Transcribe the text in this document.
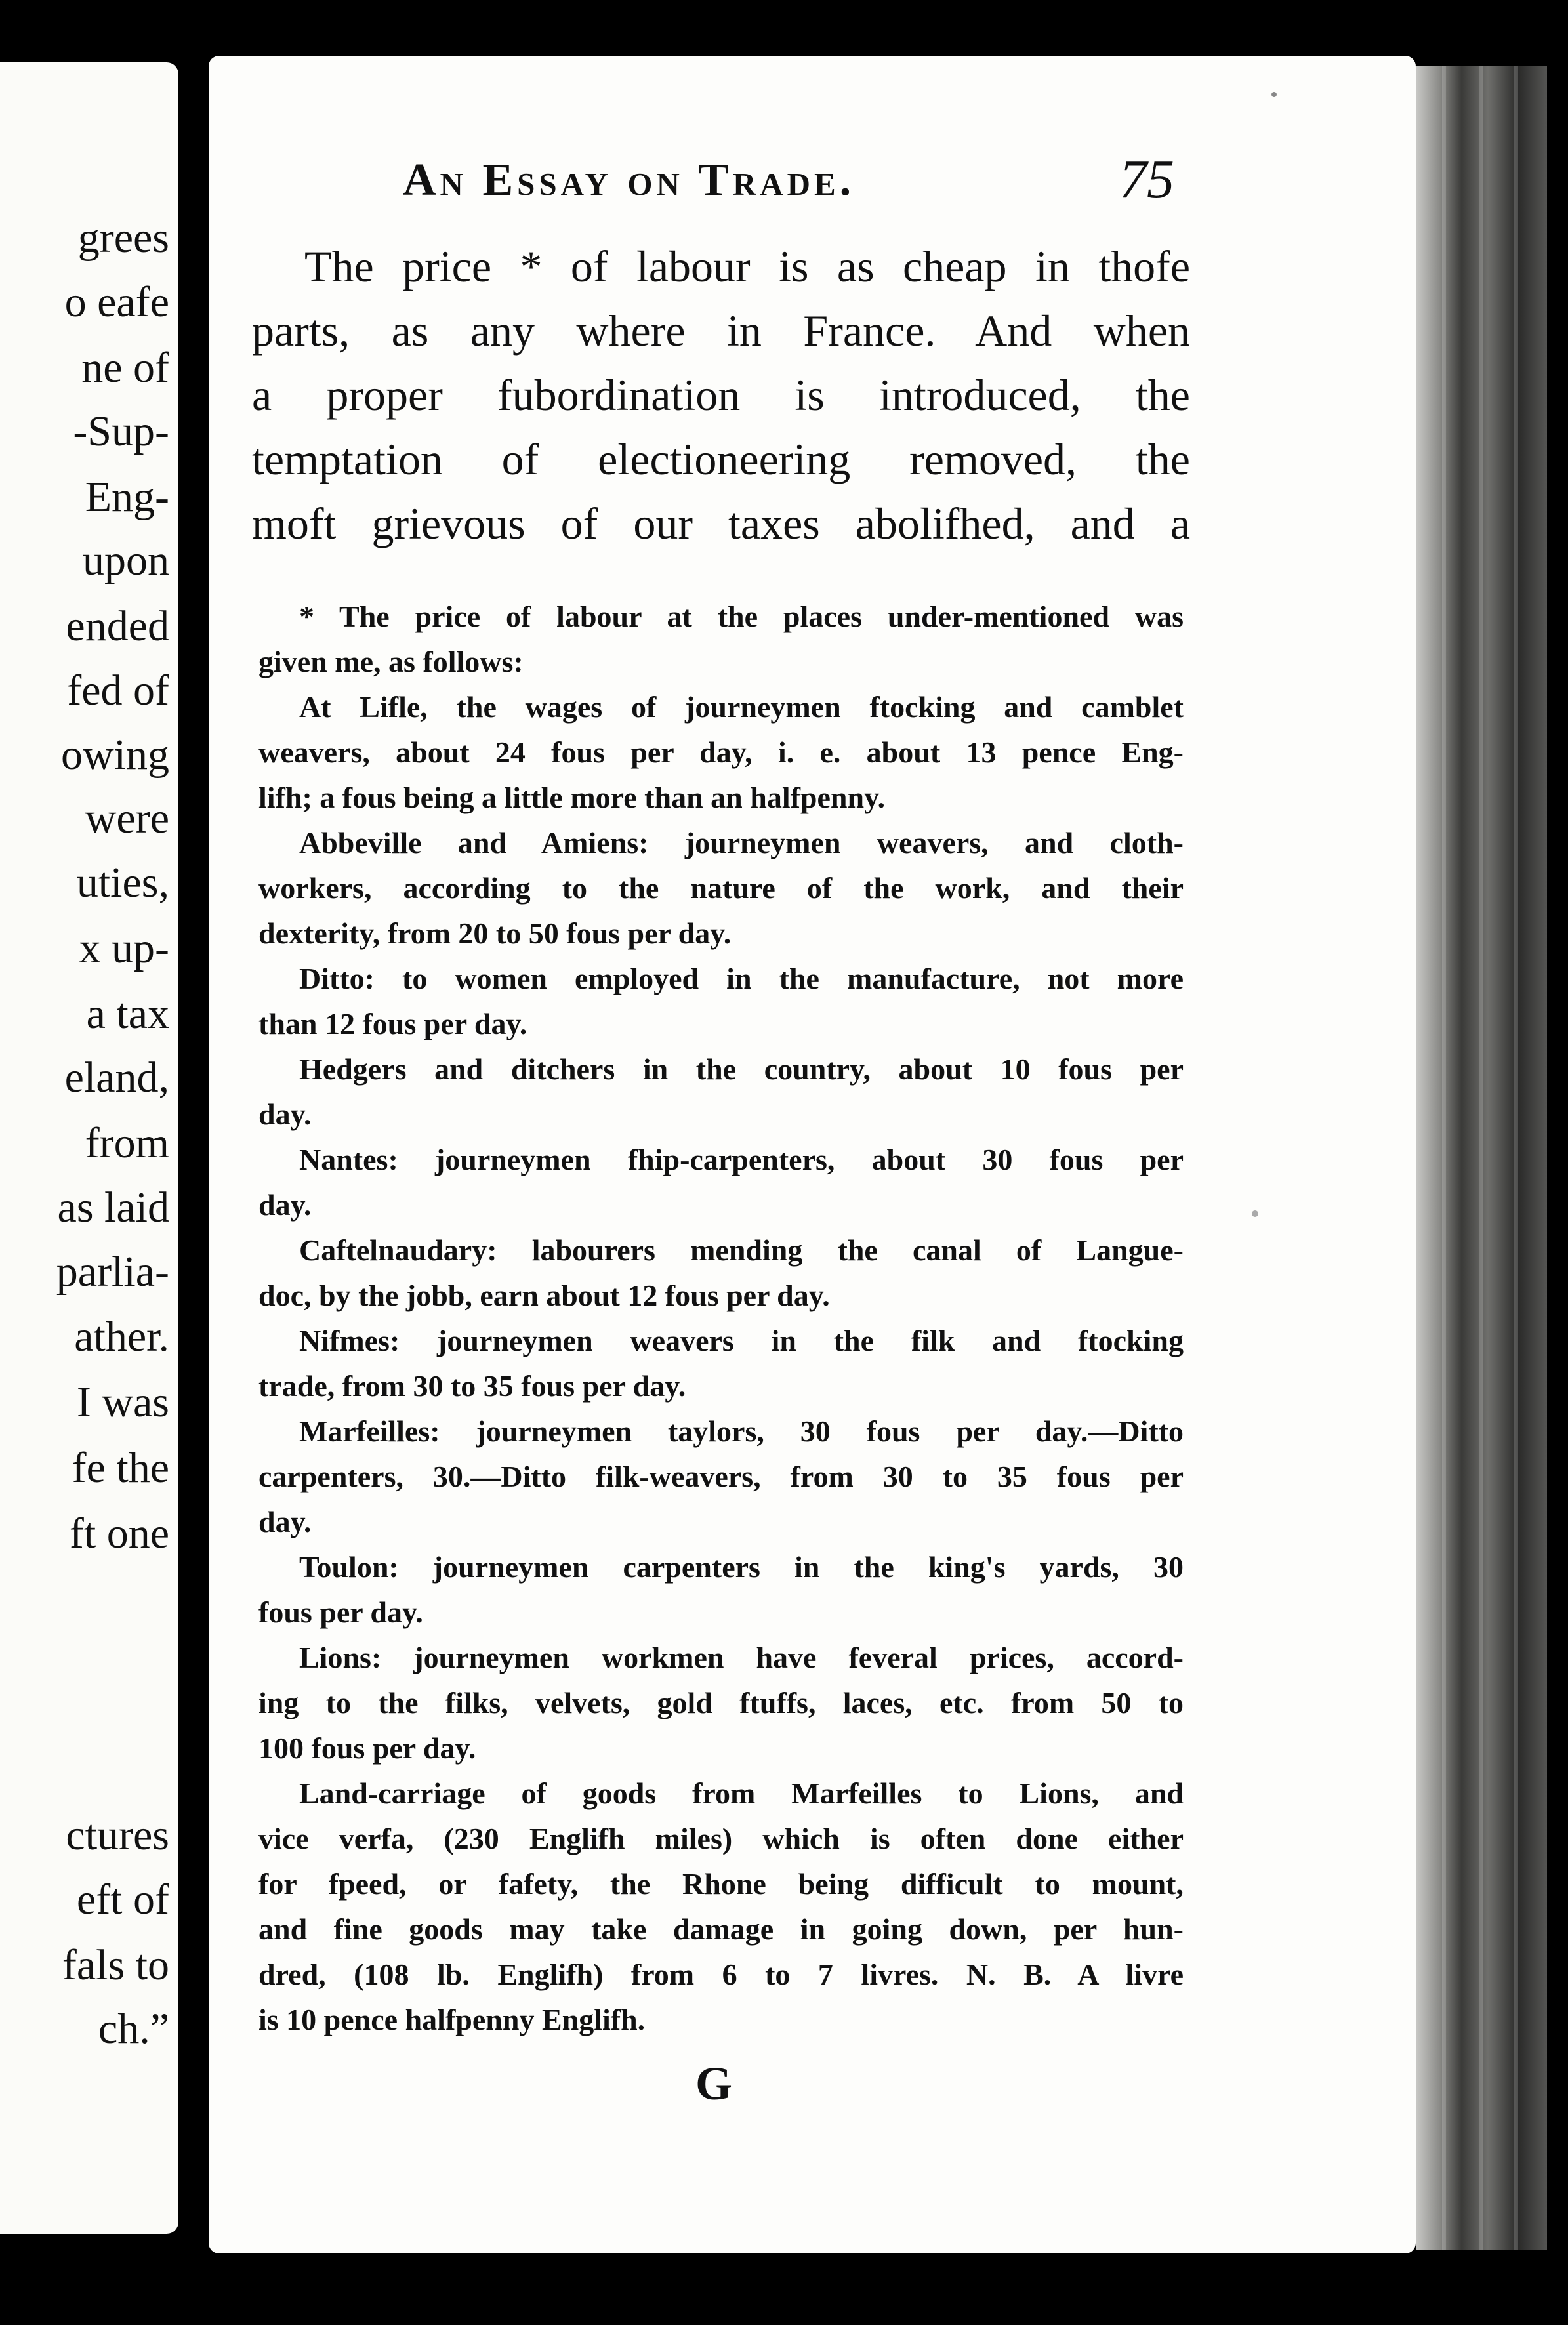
grees
o eafe
ne of
-Sup-
Eng-
upon
ended
fed of
owing
were
uties,
x up-
a tax
eland,
from
as laid
parlia-
ather.
I was
fe the
ft one
ctures
eft of
fals to
ch.”
An Essay on Trade.	75
The price * of labour is as cheap in thofe
parts, as any where in France. And when
a proper fubordination is introduced, the
temptation of electioneering removed, the
moft grievous of our taxes abolifhed, and a
* The price of labour at the places under-mentioned was
given me, as follows:
At Lifle, the wages of journeymen ftocking and camblet
weavers, about 24 fous per day, i. e. about 13 pence Eng-
lifh; a fous being a little more than an halfpenny.
Abbeville and Amiens: journeymen weavers, and cloth-
workers, according to the nature of the work, and their
dexterity, from 20 to 50 fous per day.
Ditto: to women employed in the manufacture, not more
than 12 fous per day.
Hedgers and ditchers in the country, about 10 fous per
day.
Nantes: journeymen fhip-carpenters, about 30 fous per
day.
Caftelnaudary: labourers mending the canal of Langue-
doc, by the jobb, earn about 12 fous per day.
Nifmes: journeymen weavers in the filk and ftocking
trade, from 30 to 35 fous per day.
Marfeilles: journeymen taylors, 30 fous per day.—Ditto
carpenters, 30.—Ditto filk-weavers, from 30 to 35 fous per
day.
Toulon: journeymen carpenters in the king's yards, 30
fous per day.
Lions: journeymen workmen have feveral prices, accord-
ing to the filks, velvets, gold ftuffs, laces, etc. from 50 to
100 fous per day.
Land-carriage of goods from Marfeilles to Lions, and
vice verfa, (230 Englifh miles) which is often done either
for fpeed, or fafety, the Rhone being difficult to mount,
and fine goods may take damage in going down, per hun-
dred, (108 lb. Englifh) from 6 to 7 livres. N. B. A livre
is 10 pence halfpenny Englifh.
G
